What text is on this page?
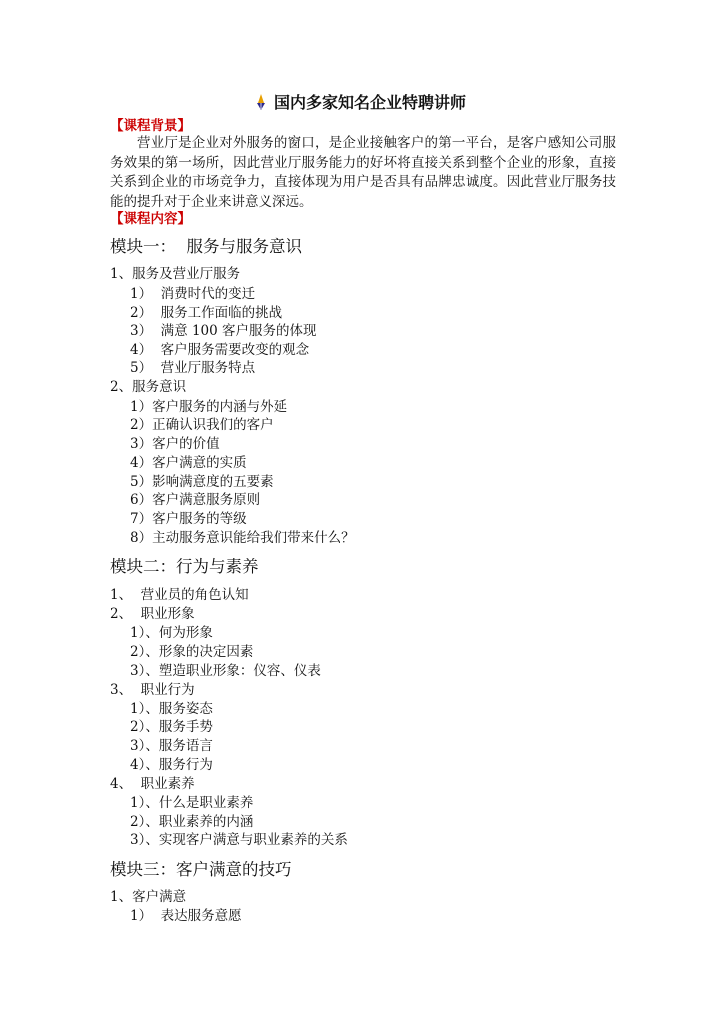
国内多家知名企业特聘讲师
【课程背景】

营业厅是企业对外服务的窗口，是企业接触客户的第一平台，是客户感知公司服务效果的第一场所，因此营业厅服务能力的好坏将直接关系到整个企业的形象，直接关系到企业的市场竞争力，直接体现为用户是否具有品牌忠诚度。因此营业厅服务技能的提升对于企业来讲意义深远。

【课程内容】
模块一：  服务与服务意识
1、服务及营业厅服务
1）  消费时代的变迁
2）  服务工作面临的挑战
3）  满意 100 客户服务的体现
4）  客户服务需要改变的观念
5）  营业厅服务特点
2、服务意识
1）客户服务的内涵与外延
2）正确认识我们的客户
3）客户的价值
4）客户满意的实质
5）影响满意度的五要素
6）客户满意服务原则
7）客户服务的等级
8）主动服务意识能给我们带来什么？
模块二：行为与素养
1、  营业员的角色认知
2、  职业形象
1）、何为形象
2）、形象的决定因素
3）、塑造职业形象：仪容、仪表
3、  职业行为
1）、服务姿态
2）、服务手势
3）、服务语言
4）、服务行为
4、  职业素养
1）、什么是职业素养
2）、职业素养的内涵
3）、实现客户满意与职业素养的关系
模块三：客户满意的技巧
1、客户满意
1）  表达服务意愿
